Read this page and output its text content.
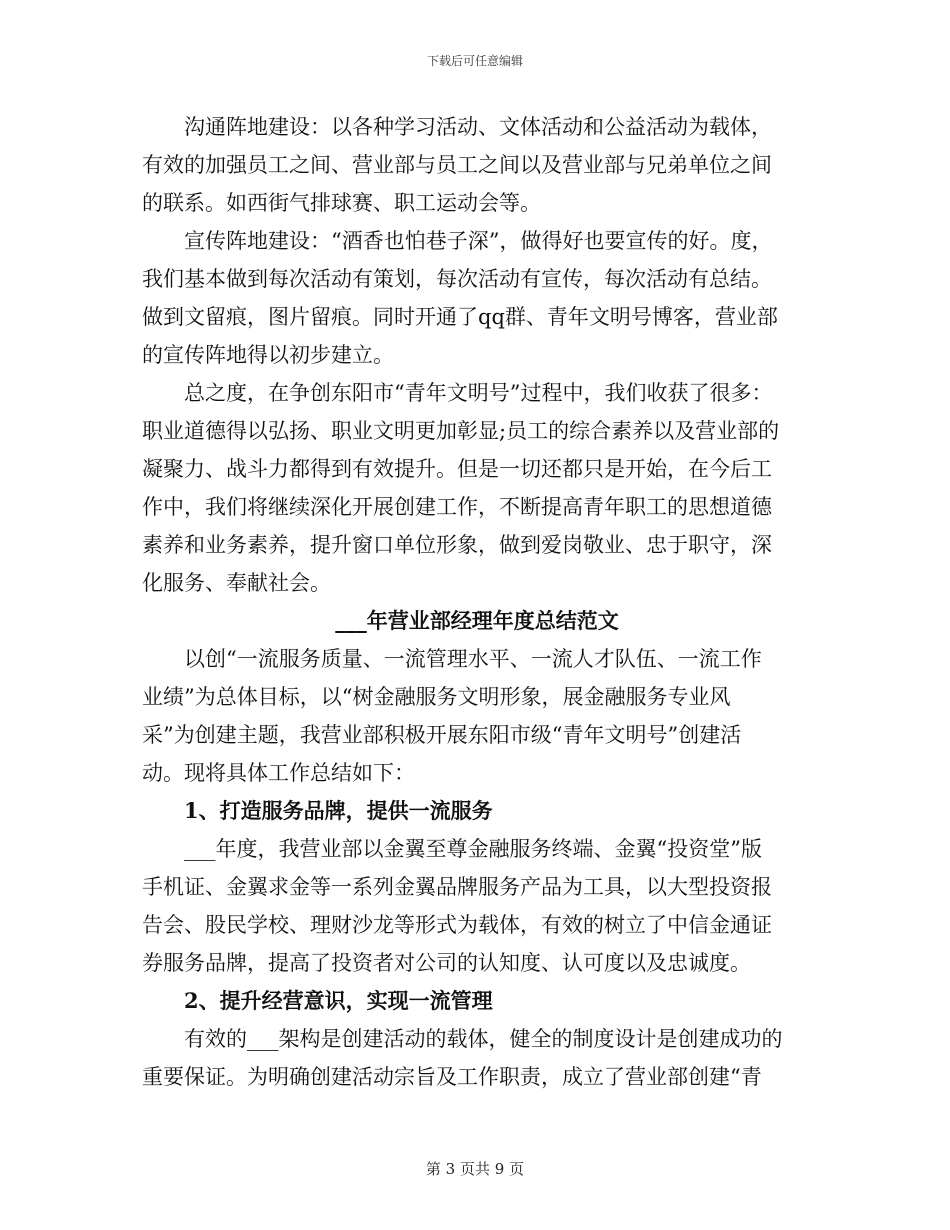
下载后可任意编辑
沟通阵地建设：以各种学习活动、文体活动和公益活动为载体，
有效的加强员工之间、营业部与员工之间以及营业部与兄弟单位之间
的联系。如西街气排球赛、职工运动会等。
宣传阵地建设：“酒香也怕巷子深”，做得好也要宣传的好。度，
我们基本做到每次活动有策划，每次活动有宣传，每次活动有总结。
做到文留痕，图片留痕。同时开通了qq群、青年文明号博客，营业部
的宣传阵地得以初步建立。
总之度，在争创东阳市“青年文明号”过程中，我们收获了很多：
职业道德得以弘扬、职业文明更加彰显;员工的综合素养以及营业部的
凝聚力、战斗力都得到有效提升。但是一切还都只是开始，在今后工
作中，我们将继续深化开展创建工作，不断提高青年职工的思想道德
素养和业务素养，提升窗口单位形象，做到爱岗敬业、忠于职守，深
化服务、奉献社会。
___年营业部经理年度总结范文
以创“一流服务质量、一流管理水平、一流人才队伍、一流工作
业绩”为总体目标，以“树金融服务文明形象，展金融服务专业风
采”为创建主题，我营业部积极开展东阳市级“青年文明号”创建活
动。现将具体工作总结如下：
1、打造服务品牌，提供一流服务
___年度，我营业部以金翼至尊金融服务终端、金翼“投资堂”版
手机证、金翼求金等一系列金翼品牌服务产品为工具，以大型投资报
告会、股民学校、理财沙龙等形式为载体，有效的树立了中信金通证
券服务品牌，提高了投资者对公司的认知度、认可度以及忠诚度。
2、提升经营意识，实现一流管理
有效的___架构是创建活动的载体，健全的制度设计是创建成功的
重要保证。为明确创建活动宗旨及工作职责，成立了营业部创建“青
第 3 页共 9 页
